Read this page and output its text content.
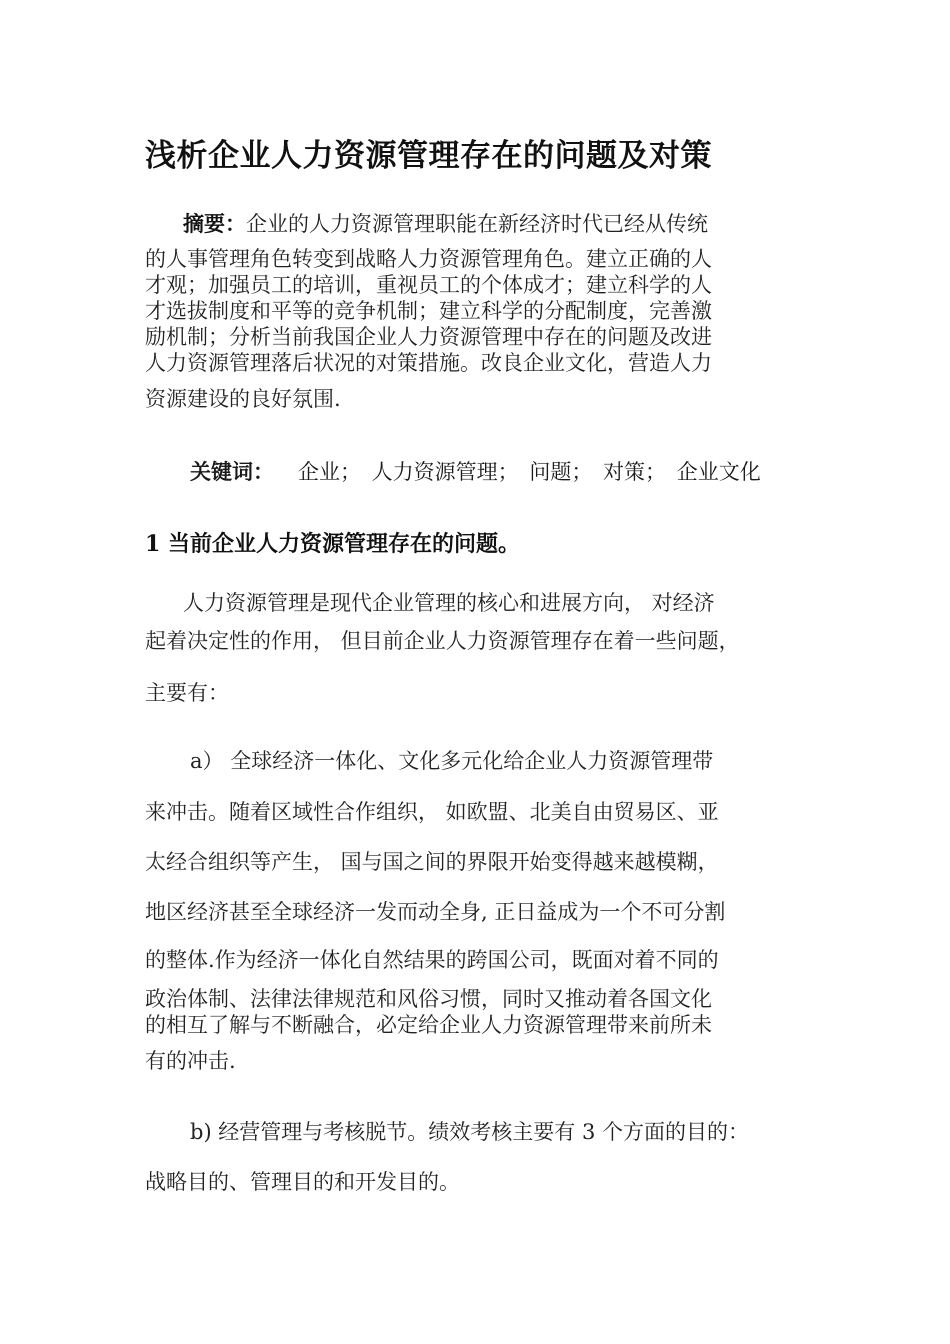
浅析企业人力资源管理存在的问题及对策
摘要：企业的人力资源管理职能在新经济时代已经从传统
的人事管理角色转变到战略人力资源管理角色。建立正确的人
才观；加强员工的培训，重视员工的个体成才；建立科学的人
才选拔制度和平等的竞争机制；建立科学的分配制度，完善激
励机制；分析当前我国企业人力资源管理中存在的问题及改进
人力资源管理落后状况的对策措施。改良企业文化，营造人力
资源建设的良好氛围.
关键词： 企业； 人力资源管理； 问题； 对策； 企业文化
1 当前企业人力资源管理存在的问题。
人力资源管理是现代企业管理的核心和进展方向， 对经济
起着决定性的作用， 但目前企业人力资源管理存在着一些问题，
主要有：
a） 全球经济一体化、文化多元化给企业人力资源管理带
来冲击。随着区域性合作组织， 如欧盟、北美自由贸易区、亚
太经合组织等产生， 国与国之间的界限开始变得越来越模糊，
地区经济甚至全球经济一发而动全身, 正日益成为一个不可分割
的整体.作为经济一体化自然结果的跨国公司，既面对着不同的
政治体制、法律法律规范和风俗习惯，同时又推动着各国文化
的相互了解与不断融合，必定给企业人力资源管理带来前所未
有的冲击.
b) 经营管理与考核脱节。绩效考核主要有 3 个方面的目的：
战略目的、管理目的和开发目的。
